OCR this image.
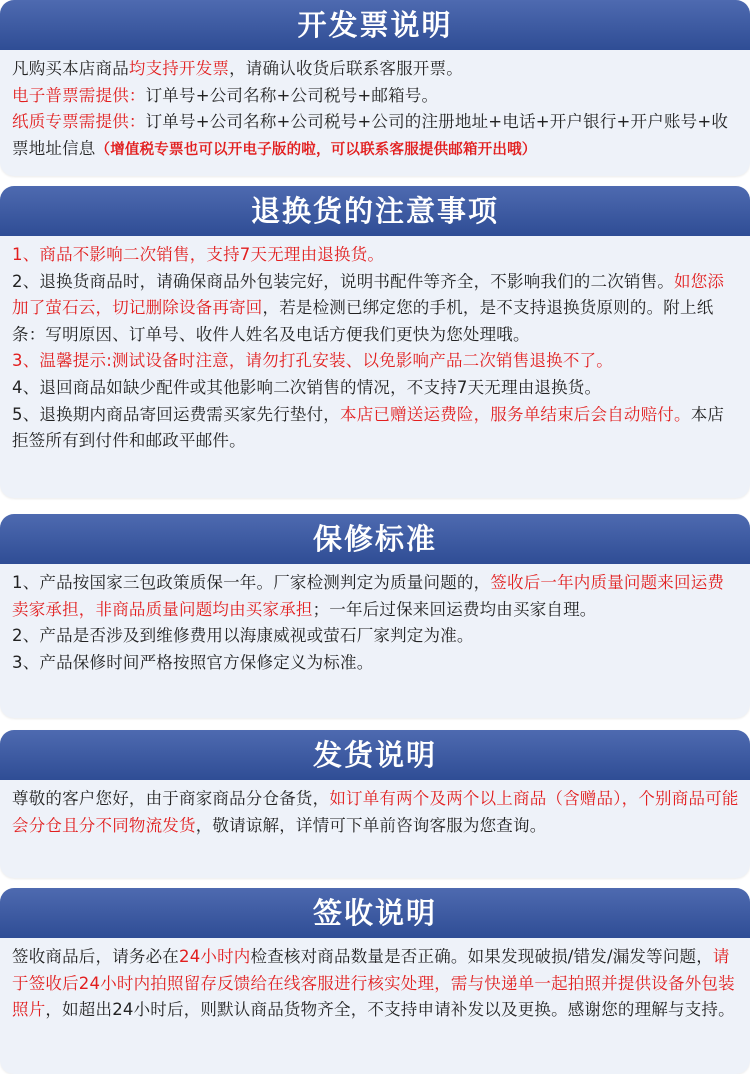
开发票说明

凡购买本店商品均支持开发票，请确认收货后联系客服开票。

电子普票需提供：订单号+公司名称+公司税号+邮箱号。

纸质专票需提供：订单号+公司名称+公司税号+公司的注册地址+电话+开户银行+开户账号+收票地址信息（增值税专票也可以开电子版的啦，可以联系客服提供邮箱开出哦）

退换货的注意事项

1、商品不影响二次销售，支持7天无理由退换货。

2、退换货商品时，请确保商品外包装完好，说明书配件等齐全，不影响我们的二次销售。如您添加了萤石云，切记删除设备再寄回，若是检测已绑定您的手机，是不支持退换货原则的。附上纸条：写明原因、订单号、收件人姓名及电话方便我们更快为您处理哦。

3、温馨提示:测试设备时注意，请勿打孔安装、以免影响产品二次销售退换不了。

4、退回商品如缺少配件或其他影响二次销售的情况，不支持7天无理由退换货。

5、退换期内商品寄回运费需买家先行垫付，本店已赠送运费险，服务单结束后会自动赔付。本店拒签所有到付件和邮政平邮件。

保修标准

1、产品按国家三包政策质保一年。厂家检测判定为质量问题的，签收后一年内质量问题来回运费卖家承担，非商品质量问题均由买家承担；一年后过保来回运费均由买家自理。

2、产品是否涉及到维修费用以海康威视或萤石厂家判定为准。

3、产品保修时间严格按照官方保修定义为标准。

发货说明

尊敬的客户您好，由于商家商品分仓备货，如订单有两个及两个以上商品（含赠品），个别商品可能会分仓且分不同物流发货，敬请谅解，详情可下单前咨询客服为您查询。

签收说明

签收商品后，请务必在24小时内检查核对商品数量是否正确。如果发现破损/错发/漏发等问题，请于签收后24小时内拍照留存反馈给在线客服进行核实处理，需与快递单一起拍照并提供设备外包装照片，如超出24小时后，则默认商品货物齐全，不支持申请补发以及更换。感谢您的理解与支持。
